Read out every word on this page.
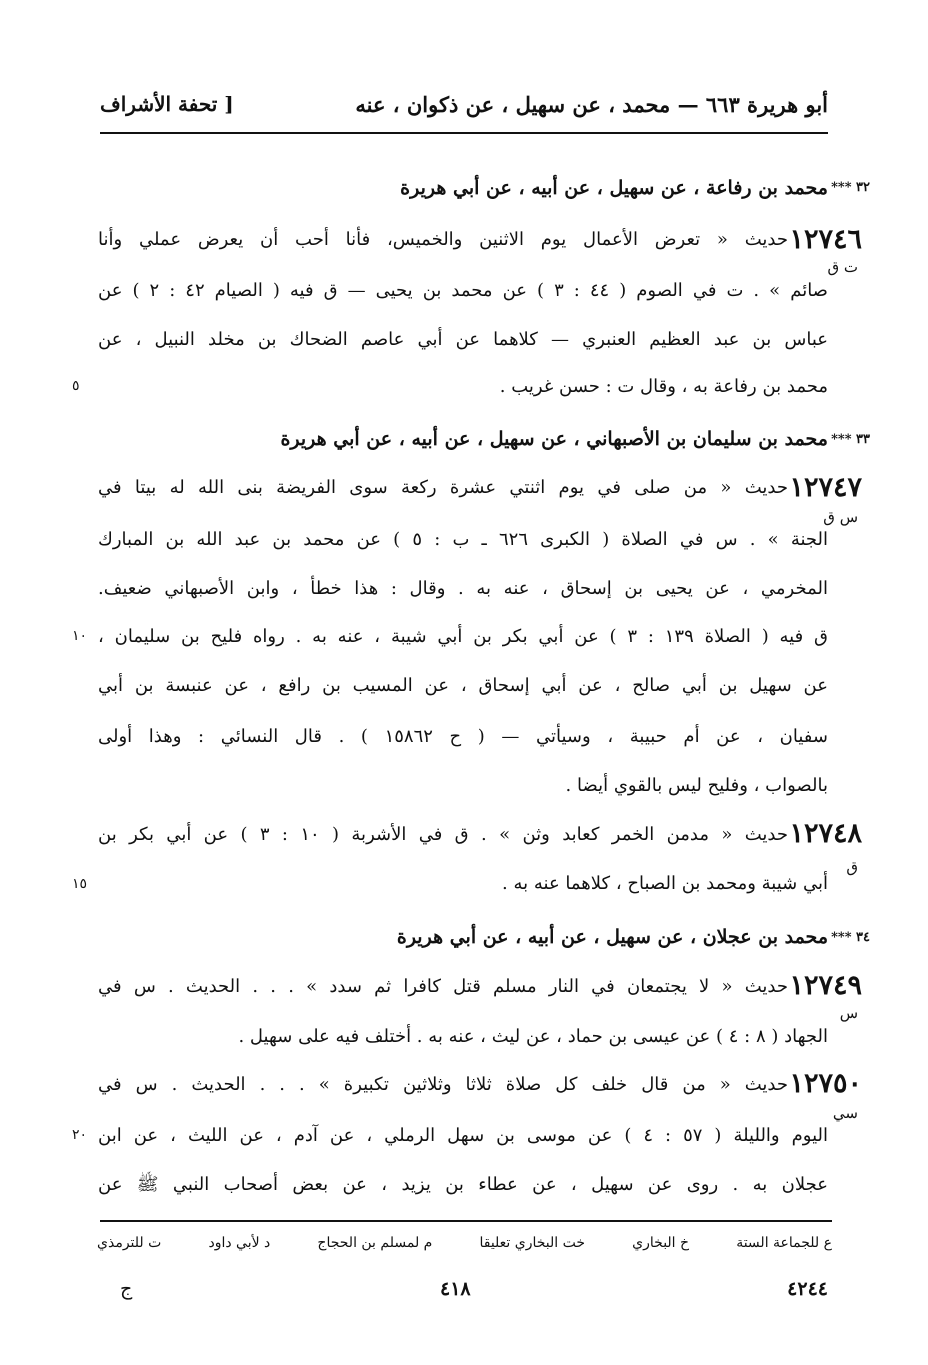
أبو هريرة ٦٦٣ — محمد ، عن سهيل ، عن ذكوان ، عنه
[ تحفة الأشراف
٣٢ ***
محمد بن رفاعة ، عن سهيل ، عن أبيه ، عن أبي هريرة
١٢٧٤٦
ت ق
حديث « تعرض الأعمال يوم الاثنين والخميس، فأنا أحب أن يعرض عملي وأنا
صائم » . ت في الصوم ( ٤٤ : ٣ ) عن محمد بن يحيى — ق فيه ( الصيام ٤٢ : ٢ ) عن
عباس بن عبد العظيم العنبري — كلاهما عن أبي عاصم الضحاك بن مخلد النبيل ، عن
محمد بن رفاعة به ، وقال ت : حسن غريب .
٥
٣٣ ***
محمد بن سليمان بن الأصبهاني ، عن سهيل ، عن أبيه ، عن أبي هريرة
١٢٧٤٧
س ق
حديث « من صلى في يوم اثنتي عشرة ركعة سوى الفريضة بنى الله له بيتا في
الجنة » . س في الصلاة ( الكبرى ٦٢٦ ـ ب : ٥ ) عن محمد بن عبد الله بن المبارك
المخرمي ، عن يحيى بن إسحاق ، عنه به . وقال : هذا خطأ ، وابن الأصبهاني ضعيف.
ق فيه ( الصلاة ١٣٩ : ٣ ) عن أبي بكر بن أبي شيبة ، عنه به . رواه فليح بن سليمان ،
١٠
عن سهيل بن أبي صالح ، عن أبي إسحاق ، عن المسيب بن رافع ، عن عنبسة بن أبي
سفيان ، عن أم حبيبة ، وسيأتي — ( ح ١٥٨٦٢ ) . قال النسائي : وهذا أولى
بالصواب ، وفليح ليس بالقوي أيضا .
١٢٧٤٨
ق
حديث « مدمن الخمر كعابد وثن » . ق في الأشربة ( ١٠ : ٣ ) عن أبي بكر بن
أبي شيبة ومحمد بن الصباح ، كلاهما عنه به .
١٥
٣٤ ***
محمد بن عجلان ، عن سهيل ، عن أبيه ، عن أبي هريرة
١٢٧٤٩
س
حديث « لا يجتمعان في النار مسلم قتل كافرا ثم سدد » . . . الحديث . س في
الجهاد ( ٨ : ٤ ) عن عيسى بن حماد ، عن ليث ، عنه به . أختلف فيه على سهيل .
١٢٧٥٠
سي
حديث « من قال خلف كل صلاة ثلاثا وثلاثين تكبيرة » . . . الحديث . س في
اليوم والليلة ( ٥٧ : ٤ ) عن موسى بن سهل الرملي ، عن آدم ، عن الليث ، عن ابن
٢٠
عجلان به . روى عن سهيل ، عن عطاء بن يزيد ، عن بعض أصحاب النبي ﷺ عن
ع للجماعة الستة
خ البخاري
خت البخاري تعليقا
م لمسلم بن الحجاج
د لأبي داود
ت للترمذي
٤٢٤٤
٤١٨
ج
